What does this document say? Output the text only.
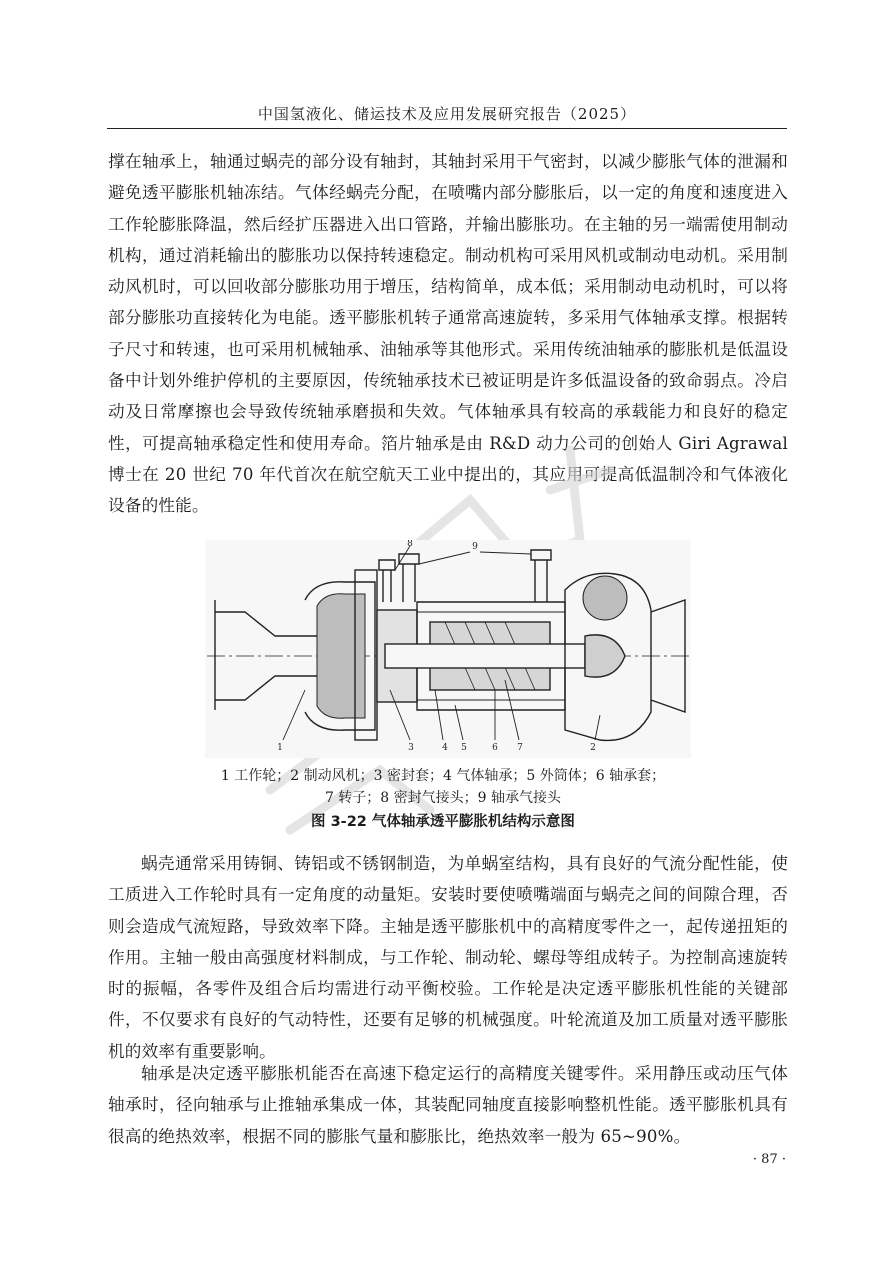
中国氢液化、储运技术及应用发展研究报告（2025）

撑在轴承上，轴通过蜗壳的部分设有轴封，其轴封采用干气密封，以减少膨胀气体的泄漏和避免透平膨胀机轴冻结。气体经蜗壳分配，在喷嘴内部分膨胀后，以一定的角度和速度进入工作轮膨胀降温，然后经扩压器进入出口管路，并输出膨胀功。在主轴的另一端需使用制动机构，通过消耗输出的膨胀功以保持转速稳定。制动机构可采用风机或制动电动机。采用制动风机时，可以回收部分膨胀功用于增压，结构简单，成本低；采用制动电动机时，可以将部分膨胀功直接转化为电能。透平膨胀机转子通常高速旋转，多采用气体轴承支撑。根据转子尺寸和转速，也可采用机械轴承、油轴承等其他形式。采用传统油轴承的膨胀机是低温设备中计划外维护停机的主要原因，传统轴承技术已被证明是许多低温设备的致命弱点。冷启动及日常摩擦也会导致传统轴承磨损和失效。气体轴承具有较高的承载能力和良好的稳定性，可提高轴承稳定性和使用寿命。箔片轴承是由 R&D 动力公司的创始人 Giri Agrawal 博士在 20 世纪 70 年代首次在航空航天工业中提出的，其应用可提高低温制冷和气体液化设备的性能。

1	2
3	4 5	6 7
8	9

1 工作轮；2 制动风机；3 密封套；4 气体轴承；5 外筒体；6 轴承套；

7 转子；8 密封气接头；9 轴承气接头

图 3-22 气体轴承透平膨胀机结构示意图

蜗壳通常采用铸铜、铸铝或不锈钢制造，为单蜗室结构，具有良好的气流分配性能，使工质进入工作轮时具有一定角度的动量矩。安装时要使喷嘴端面与蜗壳之间的间隙合理，否则会造成气流短路，导致效率下降。主轴是透平膨胀机中的高精度零件之一，起传递扭矩的作用。主轴一般由高强度材料制成，与工作轮、制动轮、螺母等组成转子。为控制高速旋转时的振幅，各零件及组合后均需进行动平衡校验。工作轮是决定透平膨胀机性能的关键部件，不仅要求有良好的气动特性，还要有足够的机械强度。叶轮流道及加工质量对透平膨胀机的效率有重要影响。

轴承是决定透平膨胀机能否在高速下稳定运行的高精度关键零件。采用静压或动压气体轴承时，径向轴承与止推轴承集成一体，其装配同轴度直接影响整机性能。透平膨胀机具有很高的绝热效率，根据不同的膨胀气量和膨胀比，绝热效率一般为 65~90%。

· 87 ·
